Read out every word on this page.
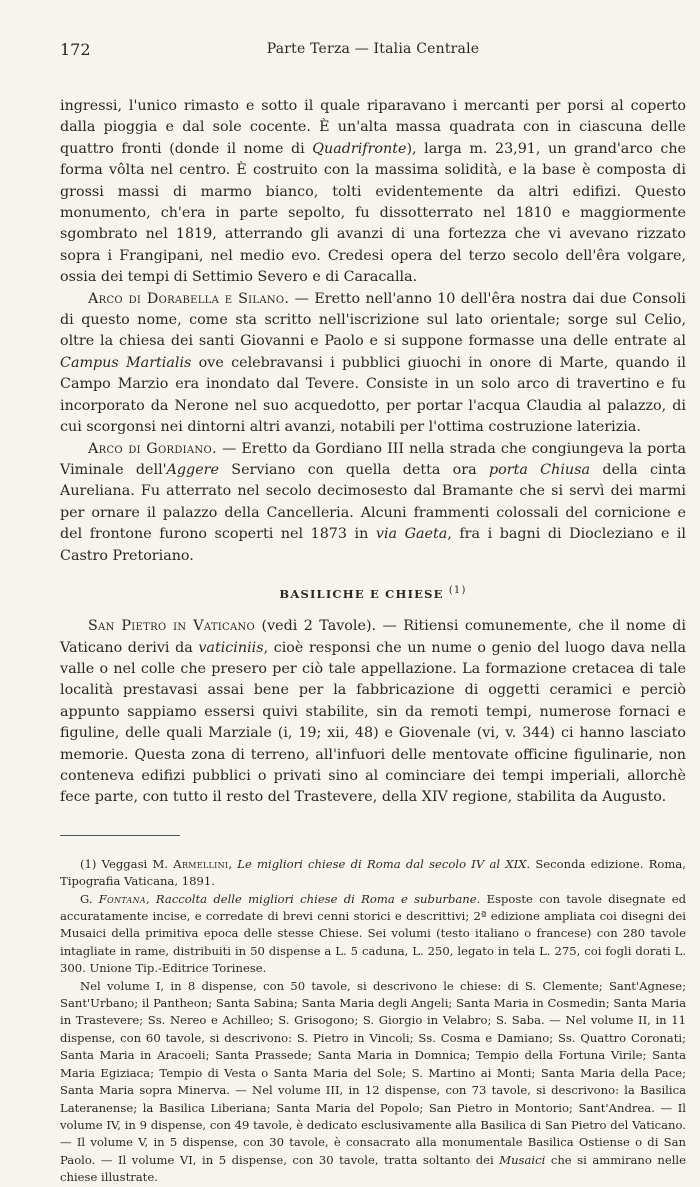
172	Parte Terza — Italia Centrale

ingressi, l'unico rimasto e sotto il quale riparavano i mercanti per porsi al coperto dalla pioggia e dal sole cocente. È un'alta massa quadrata con in ciascuna delle quattro fronti (donde il nome di Quadrifronte), larga m. 23,91, un grand'arco che forma vôlta nel centro. È costruito con la massima solidità, e la base è composta di grossi massi di marmo bianco, tolti evidentemente da altri edifizi. Questo monumento, ch'era in parte sepolto, fu dissotterrato nel 1810 e maggiormente sgombrato nel 1819, atterrando gli avanzi di una fortezza che vi avevano rizzato sopra i Frangipani, nel medio evo. Credesi opera del terzo secolo dell'êra volgare, ossia dei tempi di Settimio Severo e di Caracalla.

Arco di Dorabella e Silano. — Eretto nell'anno 10 dell'êra nostra dai due Consoli di questo nome, come sta scritto nell'iscrizione sul lato orientale; sorge sul Celio, oltre la chiesa dei santi Giovanni e Paolo e si suppone formasse una delle entrate al Campus Martialis ove celebravansi i pubblici giuochi in onore di Marte, quando il Campo Marzio era inondato dal Tevere. Consiste in un solo arco di travertino e fu incorporato da Nerone nel suo acquedotto, per portar l'acqua Claudia al palazzo, di cui scorgonsi nei dintorni altri avanzi, notabili per l'ottima costruzione laterizia.

Arco di Gordiano. — Eretto da Gordiano III nella strada che congiungeva la porta Viminale dell'Aggere Serviano con quella detta ora porta Chiusa della cinta Aureliana. Fu atterrato nel secolo decimosesto dal Bramante che si servì dei marmi per ornare il palazzo della Cancelleria. Alcuni frammenti colossali del cornicione e del frontone furono scoperti nel 1873 in via Gaeta, fra i bagni di Diocleziano e il Castro Pretoriano.

BASILICHE E CHIESE $^{(1)}$

San Pietro in Vaticano (vedi 2 Tavole). — Ritiensi comunemente, che il nome di Vaticano derivi da vaticiniis, cioè responsi che un nume o genio del luogo dava nella valle o nel colle che presero per ciò tale appellazione. La formazione cretacea di tale località prestavasi assai bene per la fabbricazione di oggetti ceramici e perciò appunto sappiamo essersi quivi stabilite, sin da remoti tempi, numerose fornaci e figuline, delle quali Marziale (i, 19; xii, 48) e Giovenale (vi, v. 344) ci hanno lasciato memorie. Questa zona di terreno, all'infuori delle mentovate officine figulinarie, non conteneva edifizi pubblici o privati sino al cominciare dei tempi imperiali, allorchè fece parte, con tutto il resto del Trastevere, della XIV regione, stabilita da Augusto.

(1) Veggasi M. Armellini, Le migliori chiese di Roma dal secolo IV al XIX. Seconda edizione. Roma, Tipografia Vaticana, 1891.

G. Fontana, Raccolta delle migliori chiese di Roma e suburbane. Esposte con tavole disegnate ed accuratamente incise, e corredate di brevi cenni storici e descrittivi; 2ª edizione ampliata coi disegni dei Musaici della primitiva epoca delle stesse Chiese. Sei volumi (testo italiano o francese) con 280 tavole intagliate in rame, distribuiti in 50 dispense a L. 5 caduna, L. 250, legato in tela L. 275, coi fogli dorati L. 300. Unione Tip.-Editrice Torinese.

Nel volume I, in 8 dispense, con 50 tavole, si descrivono le chiese: di S. Clemente; Sant'Agnese; Sant'Urbano; il Pantheon; Santa Sabina; Santa Maria degli Angeli; Santa Maria in Cosmedin; Santa Maria in Trastevere; Ss. Nereo e Achilleo; S. Grisogono; S. Giorgio in Velabro; S. Saba. — Nel volume II, in 11 dispense, con 60 tavole, si descrivono: S. Pietro in Vincoli; Ss. Cosma e Damiano; Ss. Quattro Coronati; Santa Maria in Aracoeli; Santa Prassede; Santa Maria in Domnica; Tempio della Fortuna Virile; Santa Maria Egiziaca; Tempio di Vesta o Santa Maria del Sole; S. Martino ai Monti; Santa Maria della Pace; Santa Maria sopra Minerva. — Nel volume III, in 12 dispense, con 73 tavole, si descrivono: la Basilica Lateranense; la Basilica Liberiana; Santa Maria del Popolo; San Pietro in Montorio; Sant'Andrea. — Il volume IV, in 9 dispense, con 49 tavole, è dedicato esclusivamente alla Basilica di San Pietro del Vaticano. — Il volume V, in 5 dispense, con 30 tavole, è consacrato alla monumentale Basilica Ostiense o di San Paolo. — Il volume VI, in 5 dispense, con 30 tavole, tratta soltanto dei Musaici che si ammirano nelle chiese illustrate.
